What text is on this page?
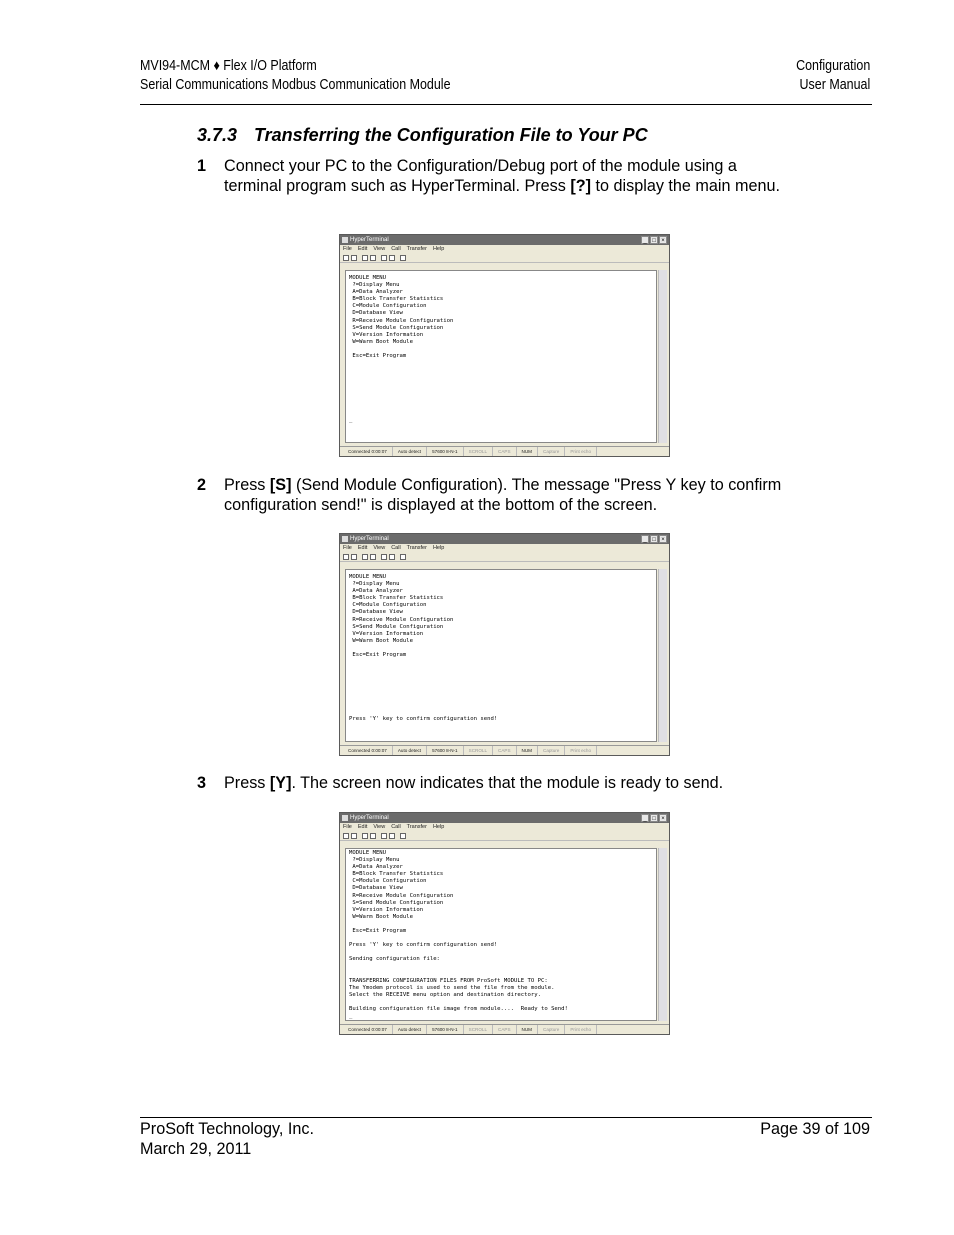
MVI94-MCM ♦ Flex I/O Platform
Serial Communications Modbus Communication Module
Configuration
User Manual
3.7.3 Transferring the Configuration File to Your PC
1 Connect your PC to the Configuration/Debug port of the module using a terminal program such as HyperTerminal. Press [?] to display the main menu.
HyperTerminal	_ □ ×
File Edit View Call Transfer Help
MODULE MENU
?=Display Menu
A=Data Analyzer
B=Block Transfer Statistics
C=Module Configuration
D=Database View
R=Receive Module Configuration
S=Send Module Configuration
V=Version Information
W=Warm Boot Module

Esc=Exit Program

_
Connected 0:00:07	Auto detect	57600 8-N-1	SCROLL	CAPS	NUM	Capture	Print echo
2 Press [S] (Send Module Configuration). The message "Press Y key to confirm configuration send!" is displayed at the bottom of the screen.
HyperTerminal	_ □ ×
File Edit View Call Transfer Help
MODULE MENU
?=Display Menu
A=Data Analyzer
B=Block Transfer Statistics
C=Module Configuration
D=Database View
R=Receive Module Configuration
S=Send Module Configuration
V=Version Information
W=Warm Boot Module

Esc=Exit Program

Press 'Y' key to confirm configuration send!
Connected 0:00:07	Auto detect	57600 8-N-1	SCROLL	CAPS	NUM	Capture	Print echo
3 Press [Y]. The screen now indicates that the module is ready to send.
HyperTerminal	_ □ ×
File Edit View Call Transfer Help
MODULE MENU
?=Display Menu
A=Data Analyzer
B=Block Transfer Statistics
C=Module Configuration
D=Database View
R=Receive Module Configuration
S=Send Module Configuration
V=Version Information
W=Warm Boot Module

Esc=Exit Program

Press 'Y' key to confirm configuration send!

Sending configuration file:

TRANSFERRING CONFIGURATION FILES FROM ProSoft MODULE TO PC:
The Ymodem protocol is used to send the file from the module.
Select the RECEIVE menu option and destination directory.

Building configuration file image from module....  Ready to Send!
_
Connected 0:00:07	Auto detect	57600 8-N-1	SCROLL	CAPS	NUM	Capture	Print echo
ProSoft Technology, Inc.
March 29, 2011
Page 39 of 109
